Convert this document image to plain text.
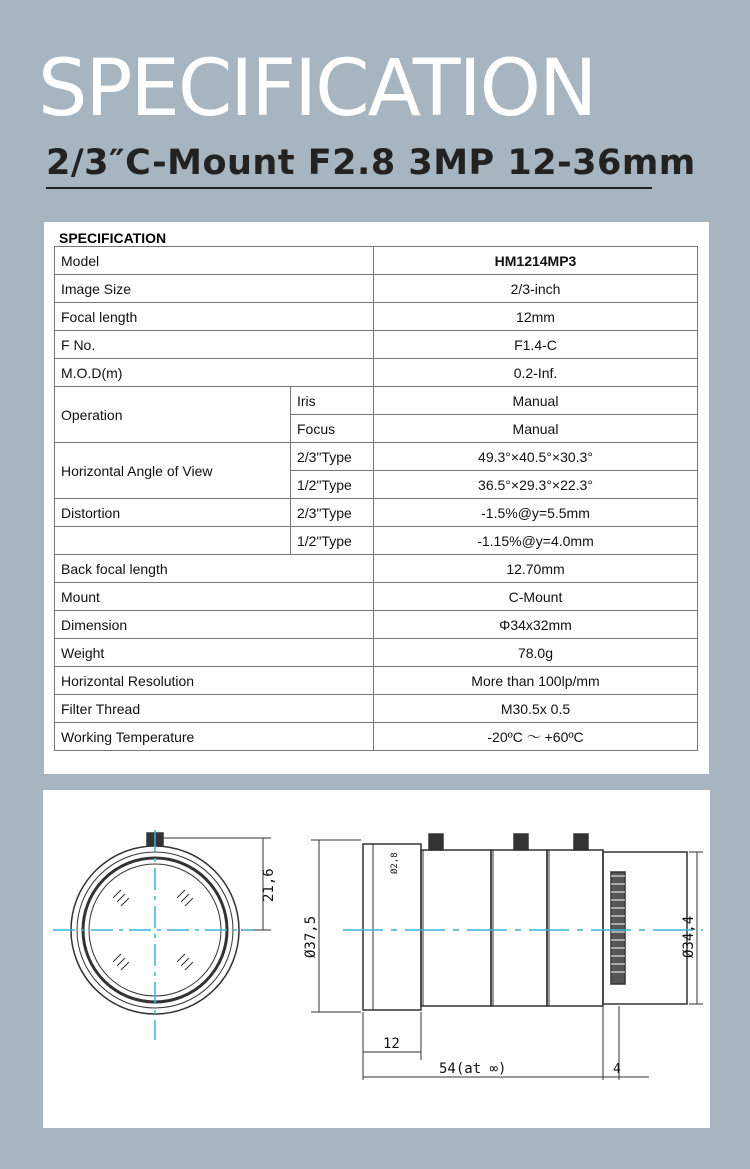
SPECIFICATION
2/3″C-Mount F2.8 3MP 12-36mm
SPECIFICATION
Model		HM1214MP3
Image Size		2/3-inch
Focal length		12mm
F No.		F1.4-C
M.O.D(m)		0.2-Inf.
Operation	Iris	Manual
	Focus	Manual
Horizontal Angle of View	2/3"Type	49.3°×40.5°×30.3°
	1/2"Type	36.5°×29.3°×22.3°
Distortion	2/3"Type	-1.5%@y=5.5mm
	1/2"Type	-1.15%@y=4.0mm
Back focal length		12.70mm
Mount		C-Mount
Dimension		Φ34x32mm
Weight		78.0g
Horizontal Resolution		More than 100lp/mm
Filter Thread		M30.5x 0.5
Working Temperature		-20ºC ～ +60ºC
21,6
Ø2,8
Ø37,5	Ø34,4
12
54(at ∞)	4
